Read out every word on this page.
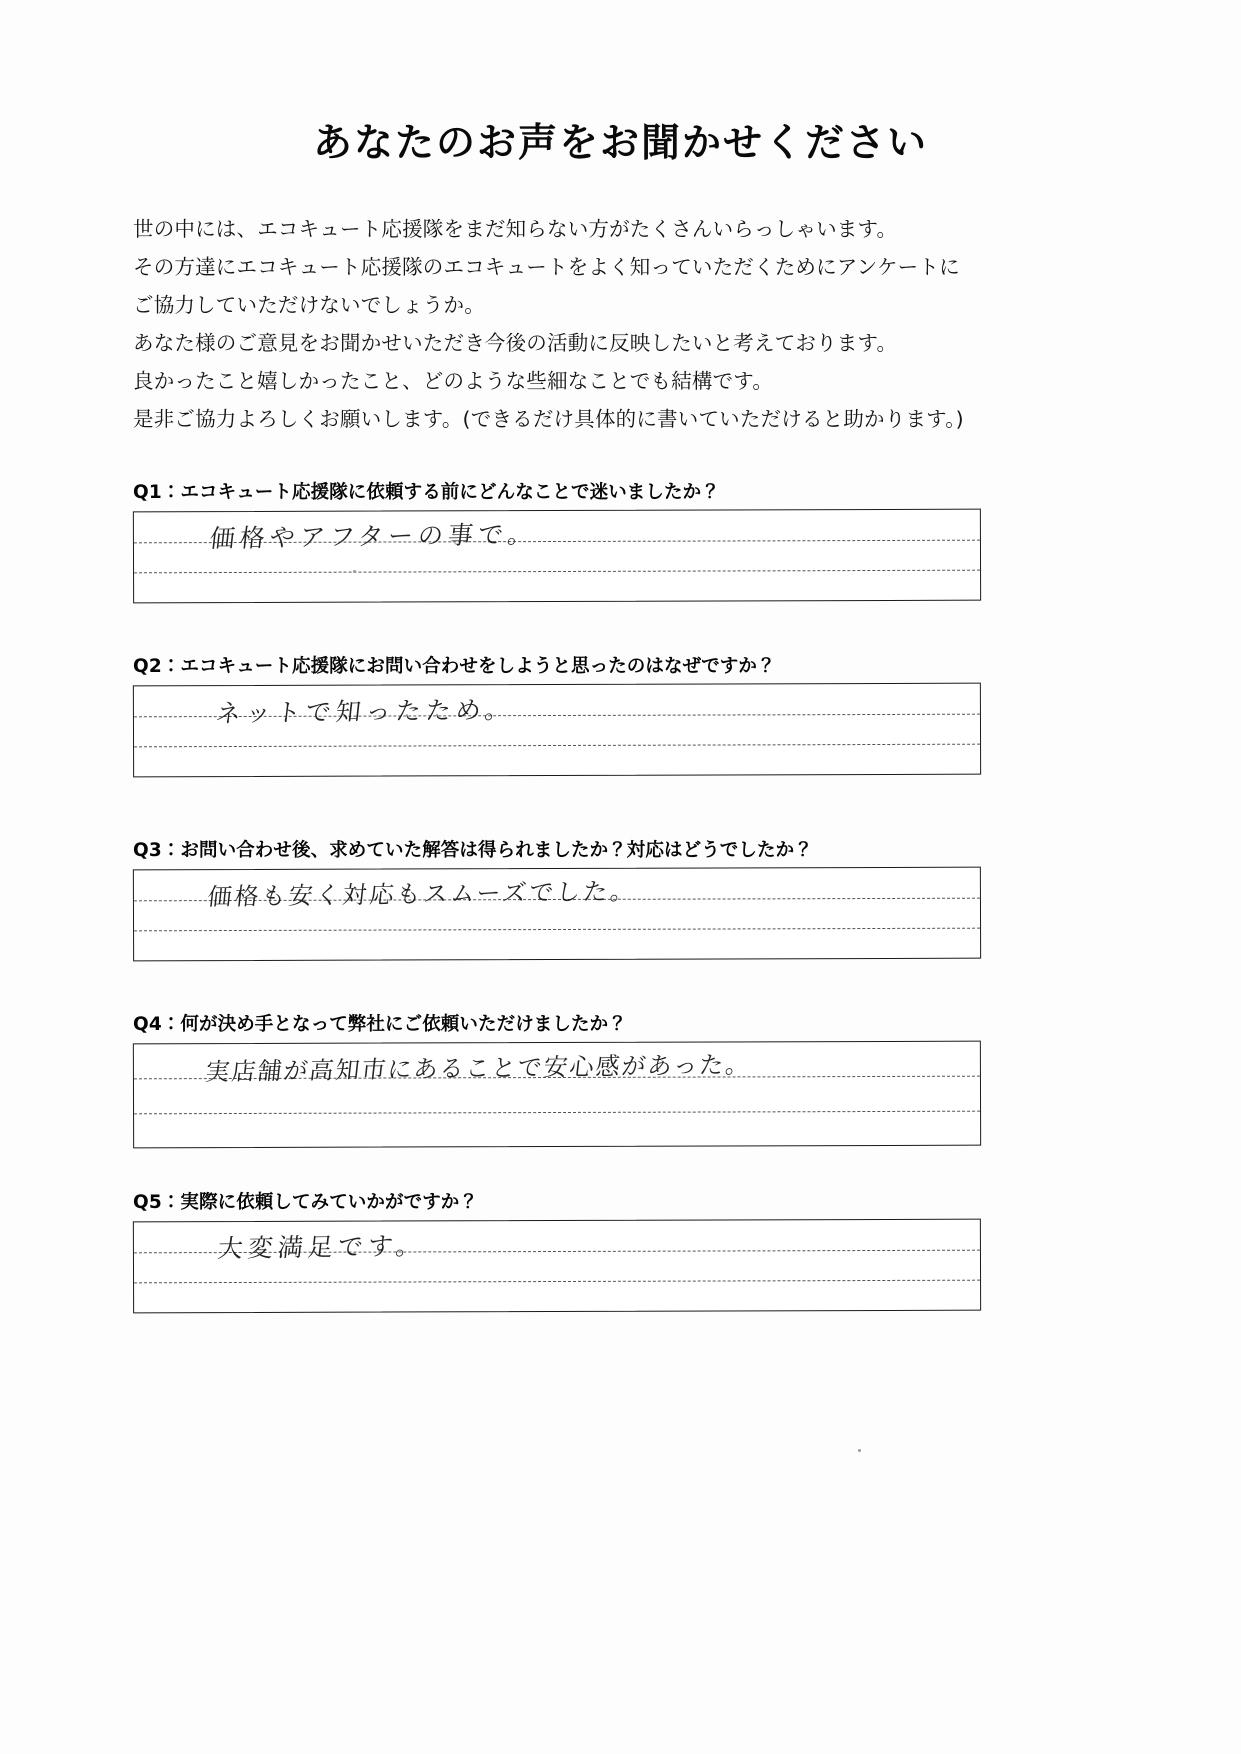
あなたのお声をお聞かせください
世の中には、エコキュート応援隊をまだ知らない方がたくさんいらっしゃいます。
その方達にエコキュート応援隊のエコキュートをよく知っていただくためにアンケートに
ご協力していただけないでしょうか。
あなた様のご意見をお聞かせいただき今後の活動に反映したいと考えております。
良かったこと嬉しかったこと、どのような些細なことでも結構です。
是非ご協力よろしくお願いします。(できるだけ具体的に書いていただけると助かります。)
Q1：エコキュート応援隊に依頼する前にどんなことで迷いましたか？
価格やアフターの事で。
Q2：エコキュート応援隊にお問い合わせをしようと思ったのはなぜですか？
ネットで知ったため。
Q3：お問い合わせ後、求めていた解答は得られましたか？対応はどうでしたか？
価格も安く対応もスムーズでした。
Q4：何が決め手となって弊社にご依頼いただけましたか？
実店舗が高知市にあることで安心感があった。
Q5：実際に依頼してみていかがですか？
大変満足です。
